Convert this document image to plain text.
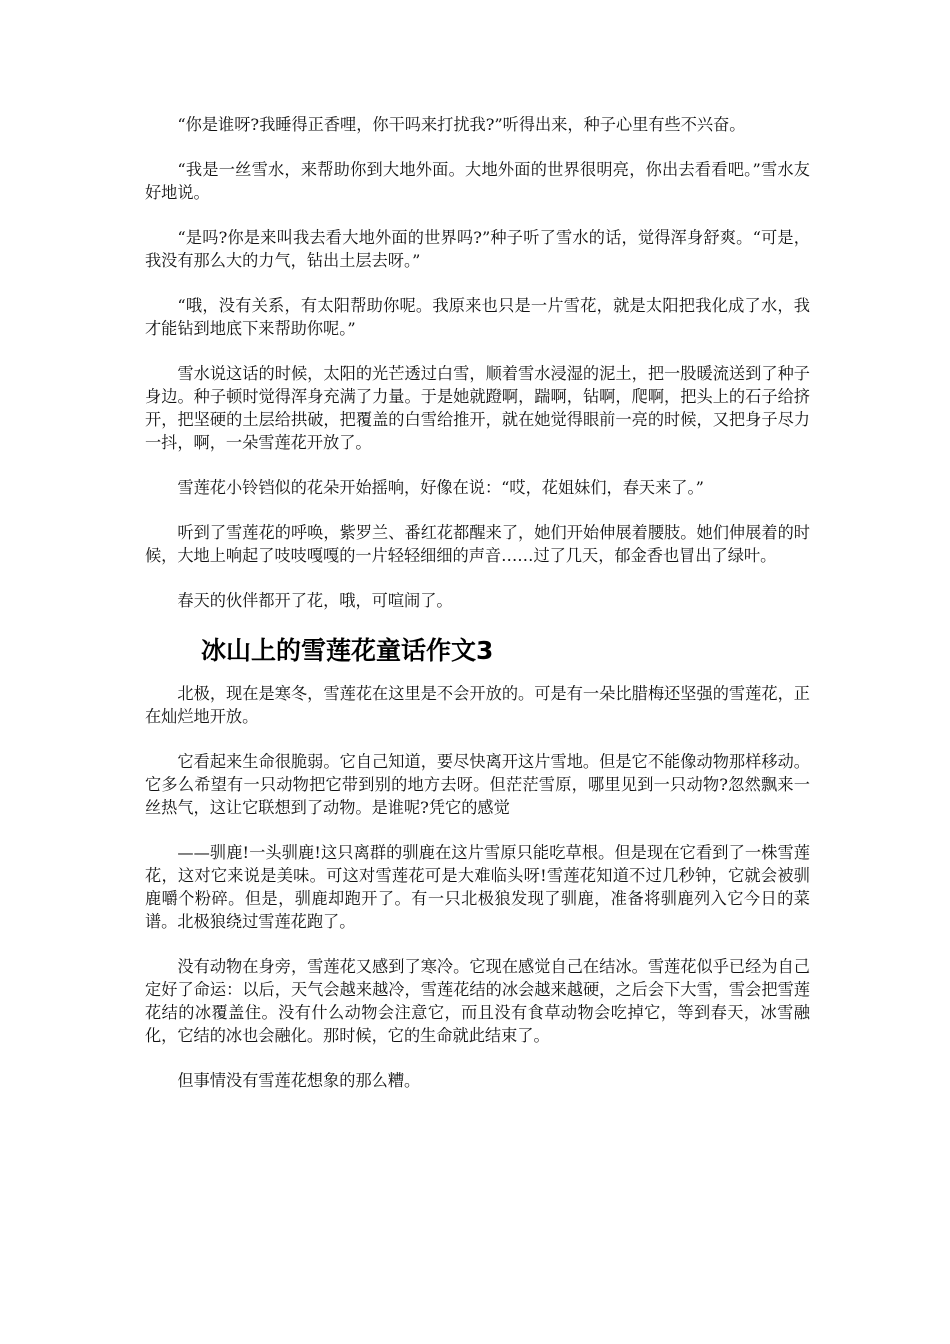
“你是谁呀?我睡得正香哩，你干吗来打扰我?”听得出来，种子心里有些不兴奋。

“我是一丝雪水，来帮助你到大地外面。大地外面的世界很明亮，你出去看看吧。”雪水友好地说。

“是吗?你是来叫我去看大地外面的世界吗?”种子听了雪水的话，觉得浑身舒爽。“可是，我没有那么大的力气，钻出土层去呀。”

“哦，没有关系，有太阳帮助你呢。我原来也只是一片雪花，就是太阳把我化成了水，我才能钻到地底下来帮助你呢。”

雪水说这话的时候，太阳的光芒透过白雪，顺着雪水浸湿的泥土，把一股暖流送到了种子身边。种子顿时觉得浑身充满了力量。于是她就蹬啊，踹啊，钻啊，爬啊，把头上的石子给挤开，把坚硬的土层给拱破，把覆盖的白雪给推开，就在她觉得眼前一亮的时候，又把身子尽力一抖，啊，一朵雪莲花开放了。

雪莲花小铃铛似的花朵开始摇响，好像在说：“哎，花姐妹们，春天来了。”

听到了雪莲花的呼唤，紫罗兰、番红花都醒来了，她们开始伸展着腰肢。她们伸展着的时候，大地上响起了吱吱嘎嘎的一片轻轻细细的声音……过了几天，郁金香也冒出了绿叶。

春天的伙伴都开了花，哦，可喧闹了。

冰山上的雪莲花童话作文3

北极，现在是寒冬，雪莲花在这里是不会开放的。可是有一朵比腊梅还坚强的雪莲花，正在灿烂地开放。

它看起来生命很脆弱。它自己知道，要尽快离开这片雪地。但是它不能像动物那样移动。它多么希望有一只动物把它带到别的地方去呀。但茫茫雪原，哪里见到一只动物?忽然飘来一丝热气，这让它联想到了动物。是谁呢?凭它的感觉

——驯鹿!一头驯鹿!这只离群的驯鹿在这片雪原只能吃草根。但是现在它看到了一株雪莲花，这对它来说是美味。可这对雪莲花可是大难临头呀!雪莲花知道不过几秒钟，它就会被驯鹿嚼个粉碎。但是，驯鹿却跑开了。有一只北极狼发现了驯鹿，准备将驯鹿列入它今日的菜谱。北极狼绕过雪莲花跑了。

没有动物在身旁，雪莲花又感到了寒冷。它现在感觉自己在结冰。雪莲花似乎已经为自己定好了命运：以后，天气会越来越冷，雪莲花结的冰会越来越硬，之后会下大雪，雪会把雪莲花结的冰覆盖住。没有什么动物会注意它，而且没有食草动物会吃掉它，等到春天，冰雪融化，它结的冰也会融化。那时候，它的生命就此结束了。

但事情没有雪莲花想象的那么糟。
